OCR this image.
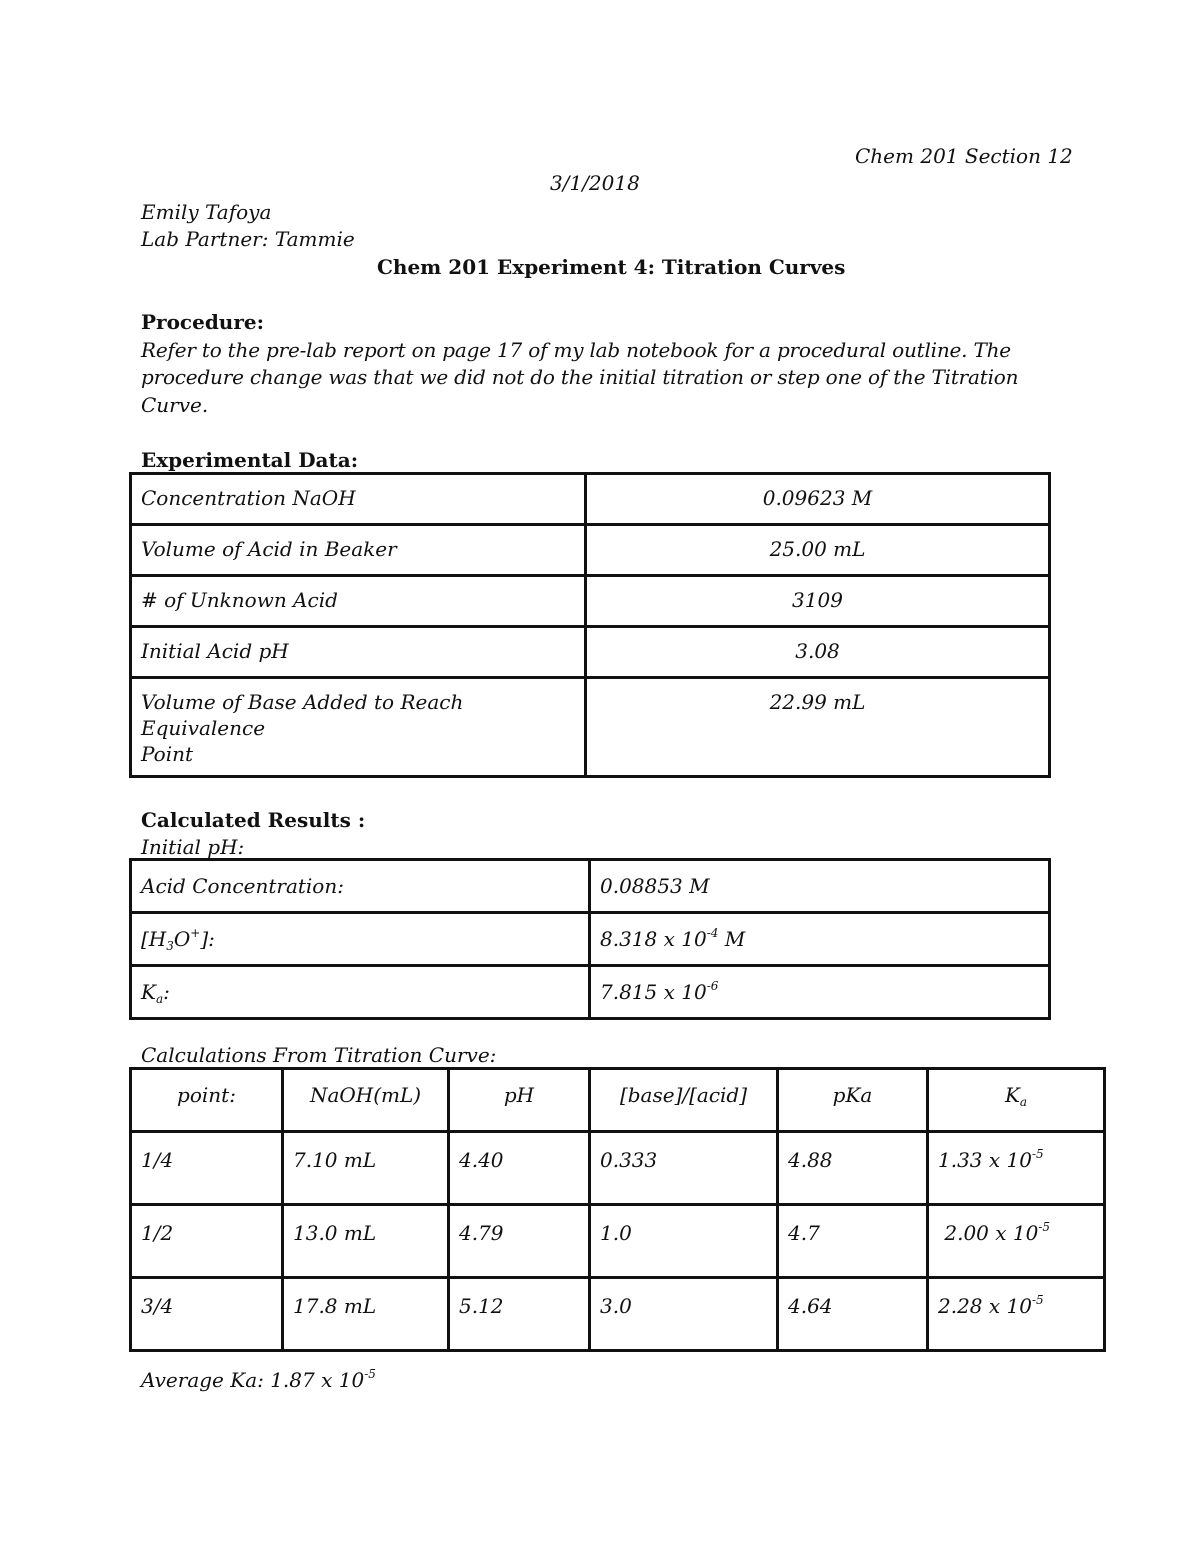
Chem 201 Section 12
3/1/2018
Emily Tafoya
Lab Partner: Tammie
Chem 201 Experiment 4: Titration Curves
Procedure:
Refer to the pre-lab report on page 17 of my lab notebook for a procedural outline. The
procedure change was that we did not do the initial titration or step one of the Titration
Curve.
Experimental Data:
Concentration NaOH	0.09623 M
Volume of Acid in Beaker	25.00 mL
# of Unknown Acid	3109
Initial Acid pH	3.08
Volume of Base Added to Reach Equivalence
Point	22.99 mL
Calculated Results :
Initial pH:
Acid Concentration:	0.08853 M
$[H_3O^+]$:	8.318 x $10^{-4}$ M
$K_a$:	7.815 x $10^{-6}$
Calculations From Titration Curve:
point:	NaOH(mL)	pH	[base]/[acid]	pKa	$K_a$
1/4	7.10 mL	4.40	0.333	4.88	1.33 x $10^{-5}$
1/2	13.0 mL	4.79	1.0	4.7	2.00 x $10^{-5}$
3/4	17.8 mL	5.12	3.0	4.64	2.28 x $10^{-5}$
Average Ka: 1.87 x $10^{-5}$
